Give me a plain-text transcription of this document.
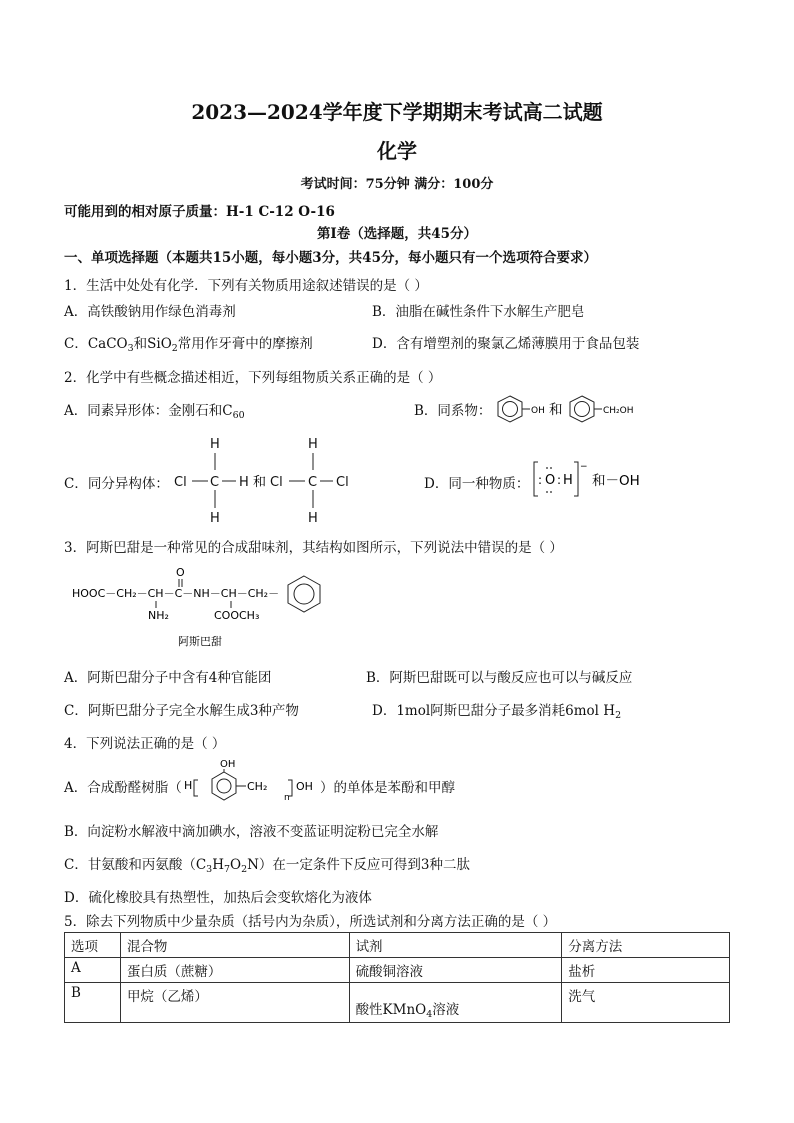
2023—2024学年度下学期期末考试高二试题
化学
考试时间：75分钟 满分：100分
可能用到的相对原子质量：H-1 C-12 O-16
第Ⅰ卷（选择题，共45分）
一、单项选择题（本题共15小题，每小题3分，共45分，每小题只有一个选项符合要求）
1．生活中处处有化学．下列有关物质用途叙述错误的是（ ）
A．高铁酸钠用作绿色消毒剂	B．油脂在碱性条件下水解生产肥皂
C．CaCO$_3$和SiO$_2$常用作牙膏中的摩擦剂	D．含有增塑剂的聚氯乙烯薄膜用于食品包装
2．化学中有些概念描述相近，下列每组物质关系正确的是（ ）
A．同素异形体：金刚石和$C_{60}$	B．同系物：	OH 和	CH₂OH
C．同分异构体：
H
Cl C H
H
和
H
Cl C Cl
H
D．同一种物质： : O : H
−
和－OH
3．阿斯巴甜是一种常见的合成甜味剂，其结构如图所示，下列说法中错误的是（ ）
HOOC－CH₂－CH－C－NH－CH－CH₂－
O
NH₂	COOCH₃
阿斯巴甜
A．阿斯巴甜分子中含有4种官能团	B．阿斯巴甜既可以与酸反应也可以与碱反应
C．阿斯巴甜分子完全水解生成3种产物	D．1mol阿斯巴甜分子最多消耗6mol $H_2$
4．下列说法正确的是（ ）
A．合成酚醛树脂（ H
OH
CH₂
n
OH ）的单体是苯酚和甲醇
B．向淀粉水解液中滴加碘水，溶液不变蓝证明淀粉已完全水解
C．甘氨酸和丙氨酸$(C_3H_7O_2N)$在一定条件下反应可得到3种二肽
D．硫化橡胶具有热塑性，加热后会变软熔化为液体
5．除去下列物质中少量杂质（括号内为杂质），所选试剂和分离方法正确的是（ ）
选项	混合物	试剂	分离方法
A	蛋白质（蔗糖）	硫酸铜溶液	盐析
B	甲烷（乙烯）	酸性KMnO$_4$溶液	洗气
